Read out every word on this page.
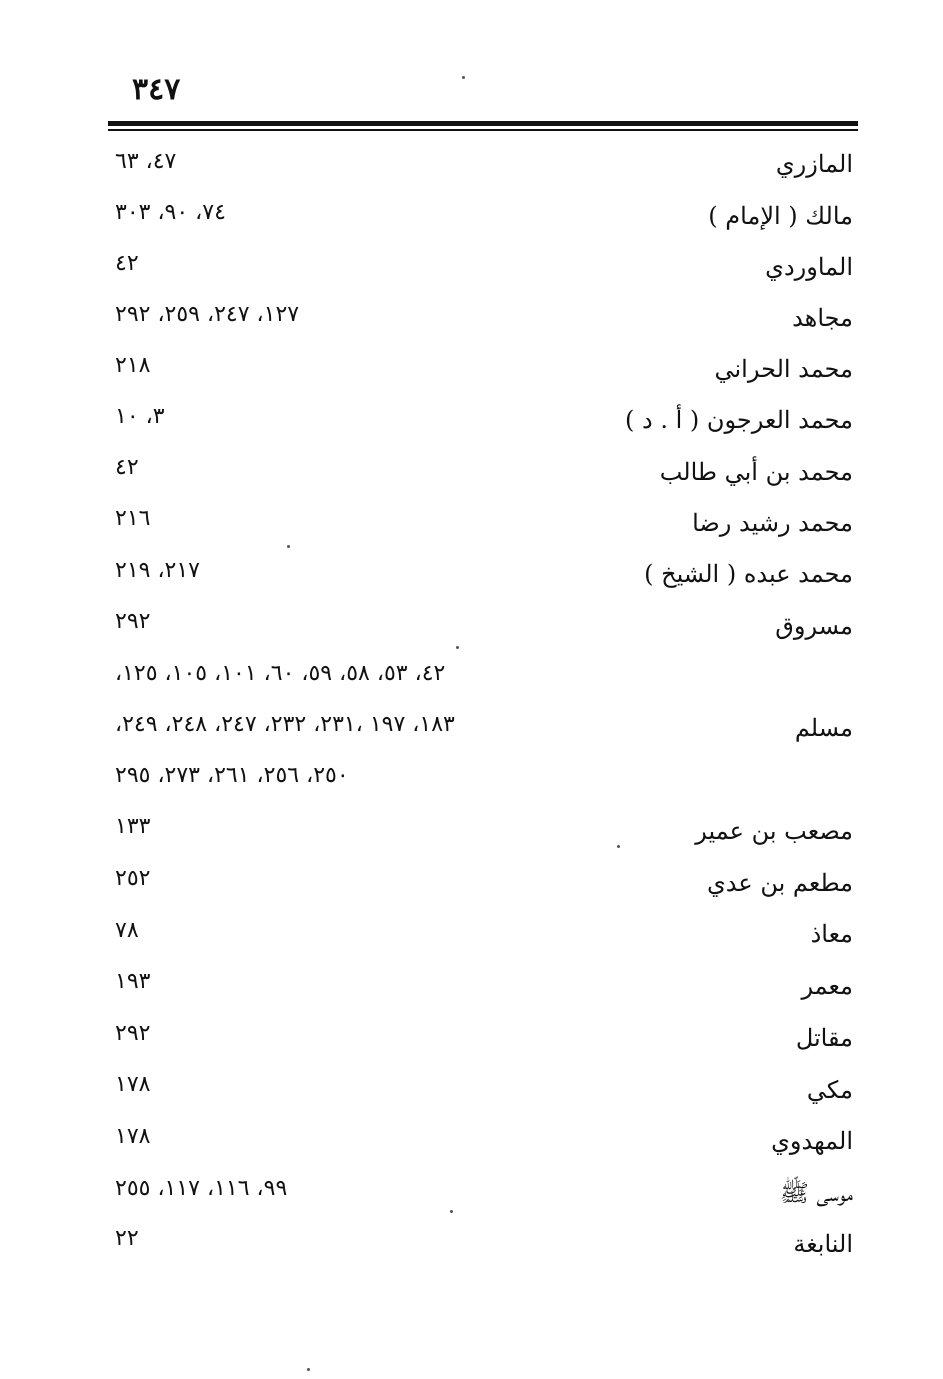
٣٤٧
المازري
٤٧، ٦٣
مالك ( الإمام )
٧٤، ٩٠، ٣٠٣
الماوردي
٤٢
مجاهد
١٢٧، ٢٤٧، ٢٥٩، ٢٩٢
محمد الحراني
٢١٨
محمد العرجون ( أ . د )
٣، ١٠
محمد بن أبي طالب
٤٢
محمد رشيد رضا
٢١٦
محمد عبده ( الشيخ )
٢١٧، ٢١٩
مسروق
٢٩٢
مسلم
٤٢، ٥٣، ٥٨، ٥٩، ٦٠، ١٠١، ١٠٥، ١٢٥،
١٨٣، ١٩٧ ،٢٣١، ٢٣٢، ٢٤٧، ٢٤٨، ٢٤٩،
٢٥٠، ٢٥٦، ٢٦١، ٢٧٣، ٢٩٥
مصعب بن عمير
١٣٣
مطعم بن عدي
٢٥٢
معاذ
٧٨
معمر
١٩٣
مقاتل
٢٩٢
مكي
١٧٨
المهدوي
١٧٨
موسى ﷺ
٩٩، ١١٦، ١١٧، ٢٥٥
النابغة
٢٢
